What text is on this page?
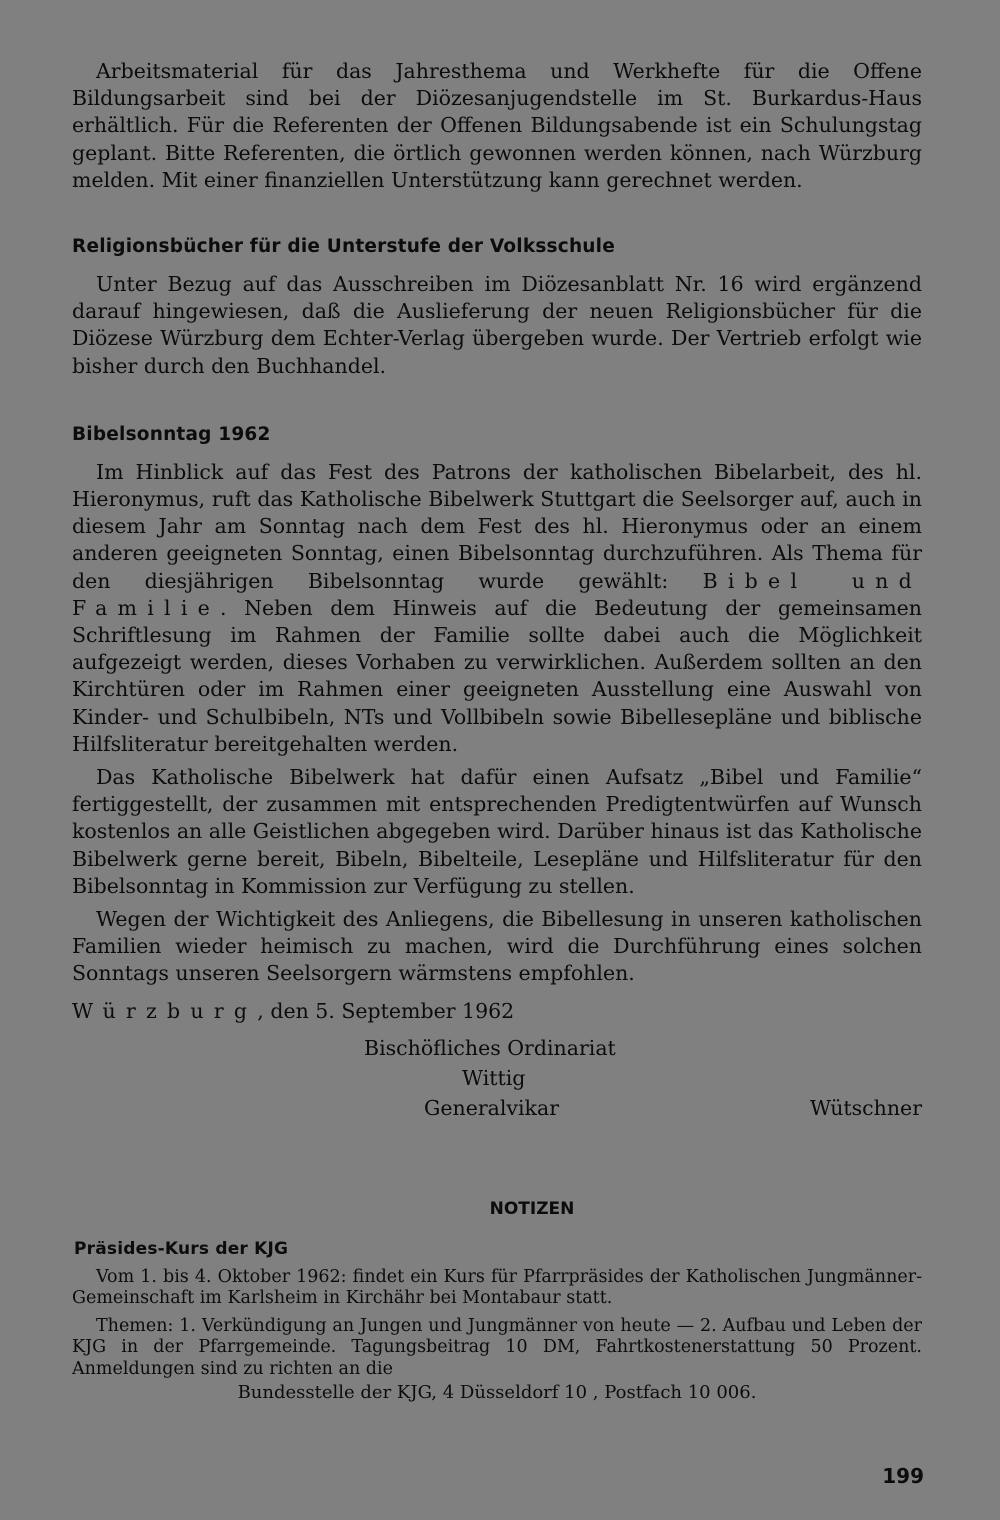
Arbeitsmaterial für das Jahresthema und Werkhefte für die Offene Bildungsarbeit sind bei der Diözesanjugendstelle im St. Burkardus-Haus erhältlich. Für die Referenten der Offenen Bildungsabende ist ein Schulungstag geplant. Bitte Referenten, die örtlich gewonnen werden können, nach Würzburg melden. Mit einer finanziellen Unterstützung kann gerechnet werden.

Religionsbücher für die Unterstufe der Volksschule

Unter Bezug auf das Ausschreiben im Diözesanblatt Nr. 16 wird ergänzend darauf hingewiesen, daß die Auslieferung der neuen Religionsbücher für die Diözese Würzburg dem Echter-Verlag übergeben wurde. Der Vertrieb erfolgt wie bisher durch den Buchhandel.

Bibelsonntag 1962

Im Hinblick auf das Fest des Patrons der katholischen Bibelarbeit, des hl. Hieronymus, ruft das Katholische Bibelwerk Stuttgart die Seelsorger auf, auch in diesem Jahr am Sonntag nach dem Fest des hl. Hieronymus oder an einem anderen geeigneten Sonntag, einen Bibelsonntag durchzuführen. Als Thema für den diesjährigen Bibelsonntag wurde gewählt: Bibel und Familie. Neben dem Hinweis auf die Bedeutung der gemeinsamen Schriftlesung im Rahmen der Familie sollte dabei auch die Möglichkeit aufgezeigt werden, dieses Vorhaben zu verwirklichen. Außerdem sollten an den Kirchtüren oder im Rahmen einer geeigneten Ausstellung eine Auswahl von Kinder- und Schulbibeln, NTs und Vollbibeln sowie Bibellesepläne und biblische Hilfsliteratur bereitgehalten werden.

Das Katholische Bibelwerk hat dafür einen Aufsatz „Bibel und Familie“ fertiggestellt, der zusammen mit entsprechenden Predigtentwürfen auf Wunsch kostenlos an alle Geistlichen abgegeben wird. Darüber hinaus ist das Katholische Bibelwerk gerne bereit, Bibeln, Bibelteile, Lesepläne und Hilfsliteratur für den Bibelsonntag in Kommission zur Verfügung zu stellen.

Wegen der Wichtigkeit des Anliegens, die Bibellesung in unseren katholischen Familien wieder heimisch zu machen, wird die Durchführung eines solchen Sonntags unseren Seelsorgern wärmstens empfohlen.

Würzburg, den 5. September 1962

Bischöfliches Ordinariat
Wittig
Generalvikar	Wütschner
NOTIZEN
Präsides-Kurs der KJG

Vom 1. bis 4. Oktober 1962: findet ein Kurs für Pfarrpräsides der Katholischen Jungmänner-Gemeinschaft im Karlsheim in Kirchähr bei Montabaur statt.

Themen: 1. Verkündigung an Jungen und Jungmänner von heute — 2. Aufbau und Leben der KJG in der Pfarrgemeinde. Tagungsbeitrag 10 DM, Fahrtkostenerstattung 50 Prozent. Anmeldungen sind zu richten an die

Bundesstelle der KJG, 4 Düsseldorf 10 , Postfach 10 006.

199
